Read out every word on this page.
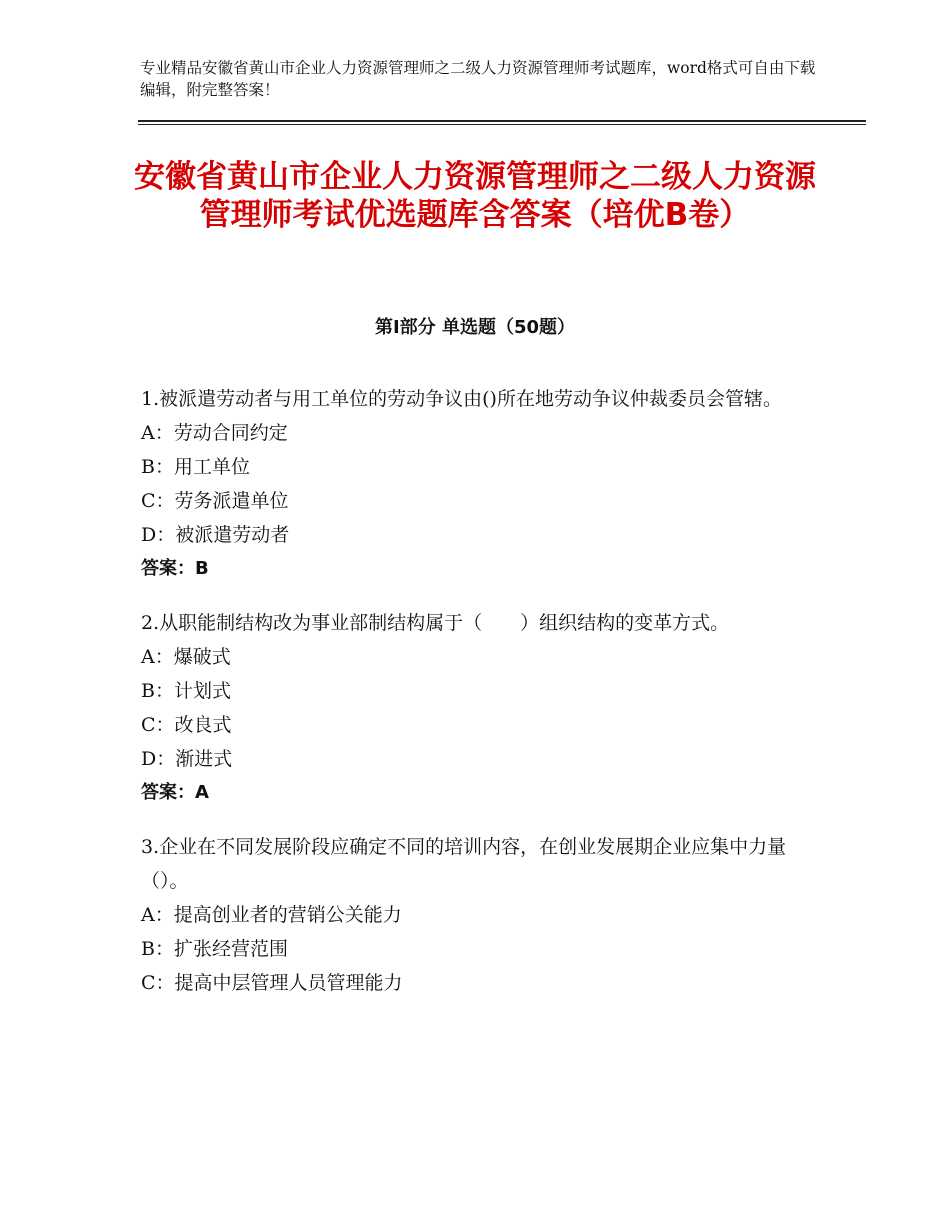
专业精品安徽省黄山市企业人力资源管理师之二级人力资源管理师考试题库，word格式可自由下载编辑，附完整答案！
安徽省黄山市企业人力资源管理师之二级人力资源管理师考试优选题库含答案（培优B卷）
第Ⅰ部分 单选题（50题）
1.被派遣劳动者与用工单位的劳动争议由()所在地劳动争议仲裁委员会管辖。
A：劳动合同约定
B：用工单位
C：劳务派遣单位
D：被派遣劳动者
答案：B
2.从职能制结构改为事业部制结构属于（　　）组织结构的变革方式。
A：爆破式
B：计划式
C：改良式
D：渐进式
答案：A
3.企业在不同发展阶段应确定不同的培训内容，在创业发展期企业应集中力量（）。
A：提高创业者的营销公关能力
B：扩张经营范围
C：提高中层管理人员管理能力
